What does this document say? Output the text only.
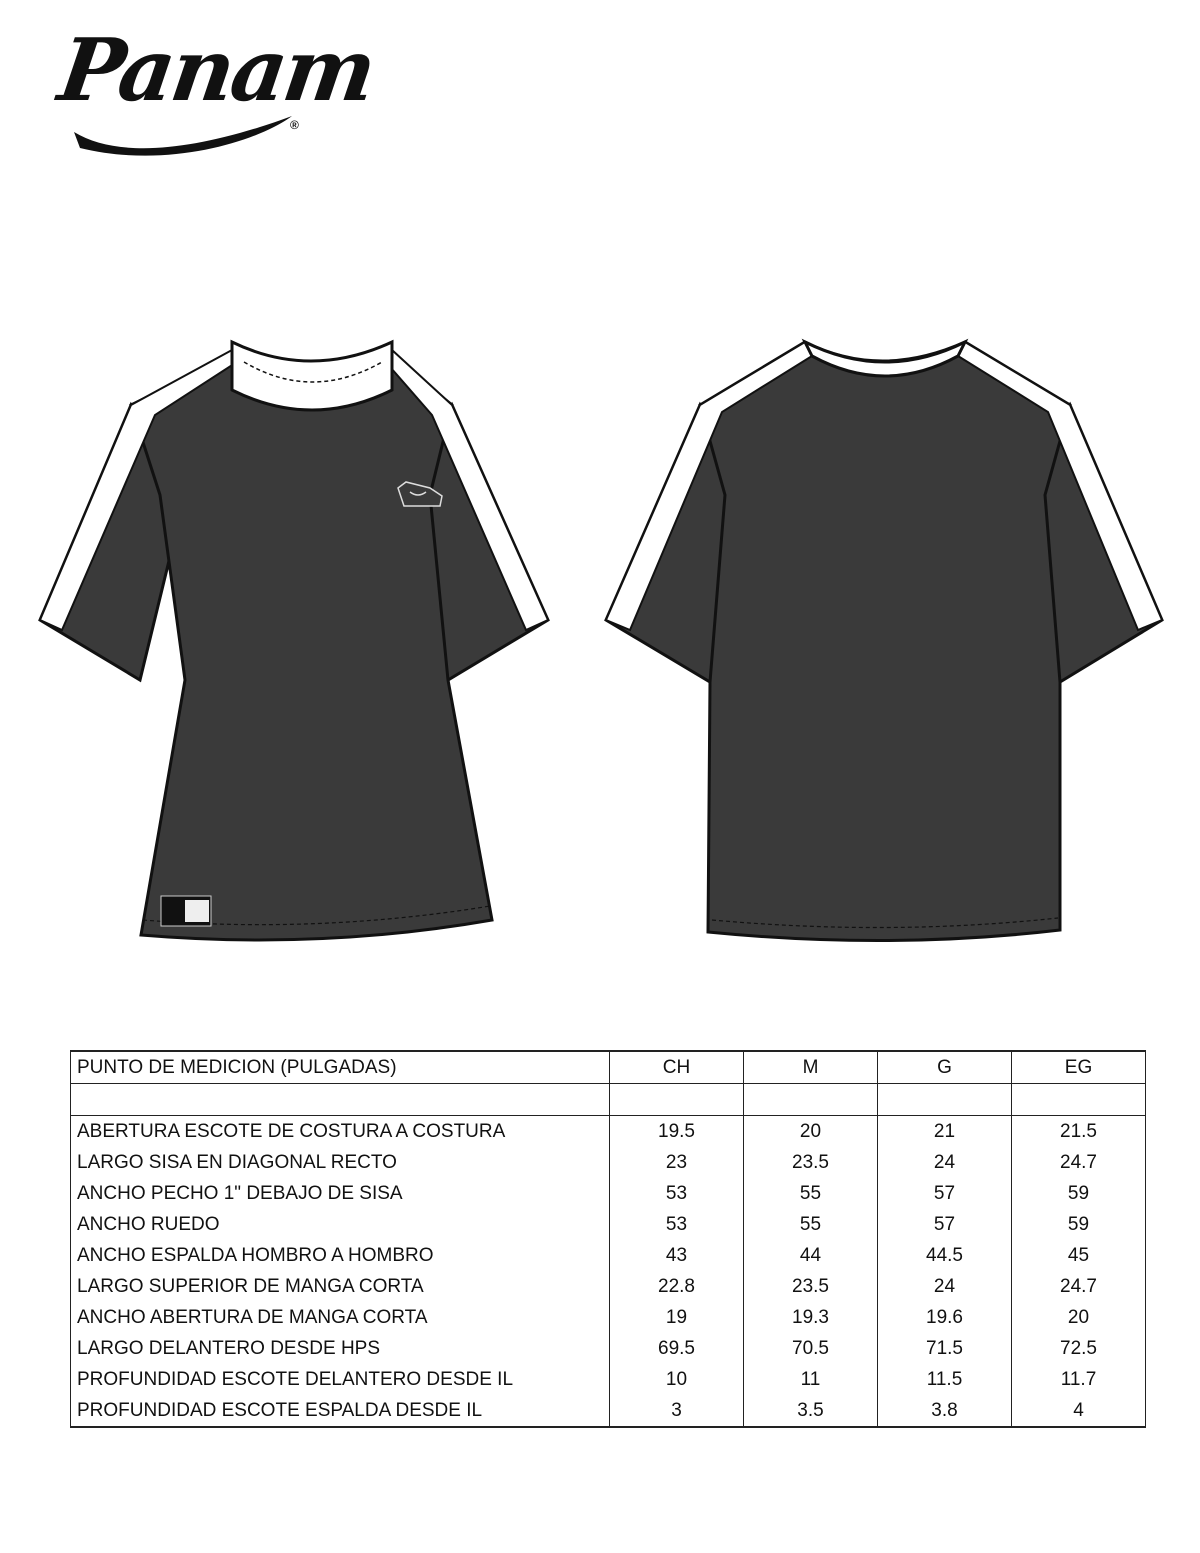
Panam
®
PUNTO DE MEDICION (PULGADAS)	CH	M	G	EG

ABERTURA ESCOTE DE COSTURA A COSTURA	19.5	20	21	21.5
LARGO SISA EN DIAGONAL RECTO	23	23.5	24	24.7
ANCHO PECHO 1" DEBAJO DE SISA	53	55	57	59
ANCHO RUEDO	53	55	57	59
ANCHO ESPALDA HOMBRO A HOMBRO	43	44	44.5	45
LARGO SUPERIOR DE MANGA CORTA	22.8	23.5	24	24.7
ANCHO ABERTURA DE MANGA CORTA	19	19.3	19.6	20
LARGO DELANTERO DESDE HPS	69.5	70.5	71.5	72.5
PROFUNDIDAD ESCOTE DELANTERO DESDE IL	10	11	11.5	11.7
PROFUNDIDAD ESCOTE ESPALDA DESDE IL	3	3.5	3.8	4
